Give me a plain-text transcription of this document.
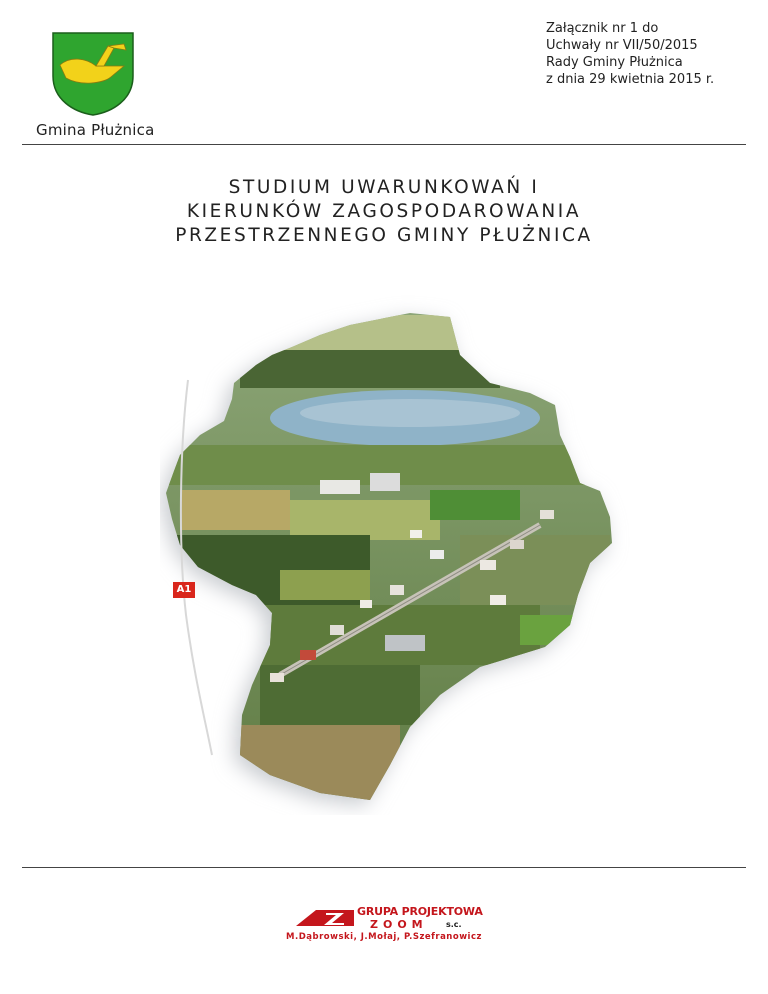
Gmina Płużnica
Załącznik nr 1 do
Uchwały nr VII/50/2015
Rady Gminy Płużnica
z dnia 29 kwietnia 2015 r.
STUDIUM UWARUNKOWAŃ I
KIERUNKÓW ZAGOSPODAROWANIA
PRZESTRZENNEGO GMINY PŁUŻNICA
A1
GRUPA PROJEKTOWA
ZOOM s.c.
M.Dąbrowski, J.Mołaj, P.Szefranowicz
